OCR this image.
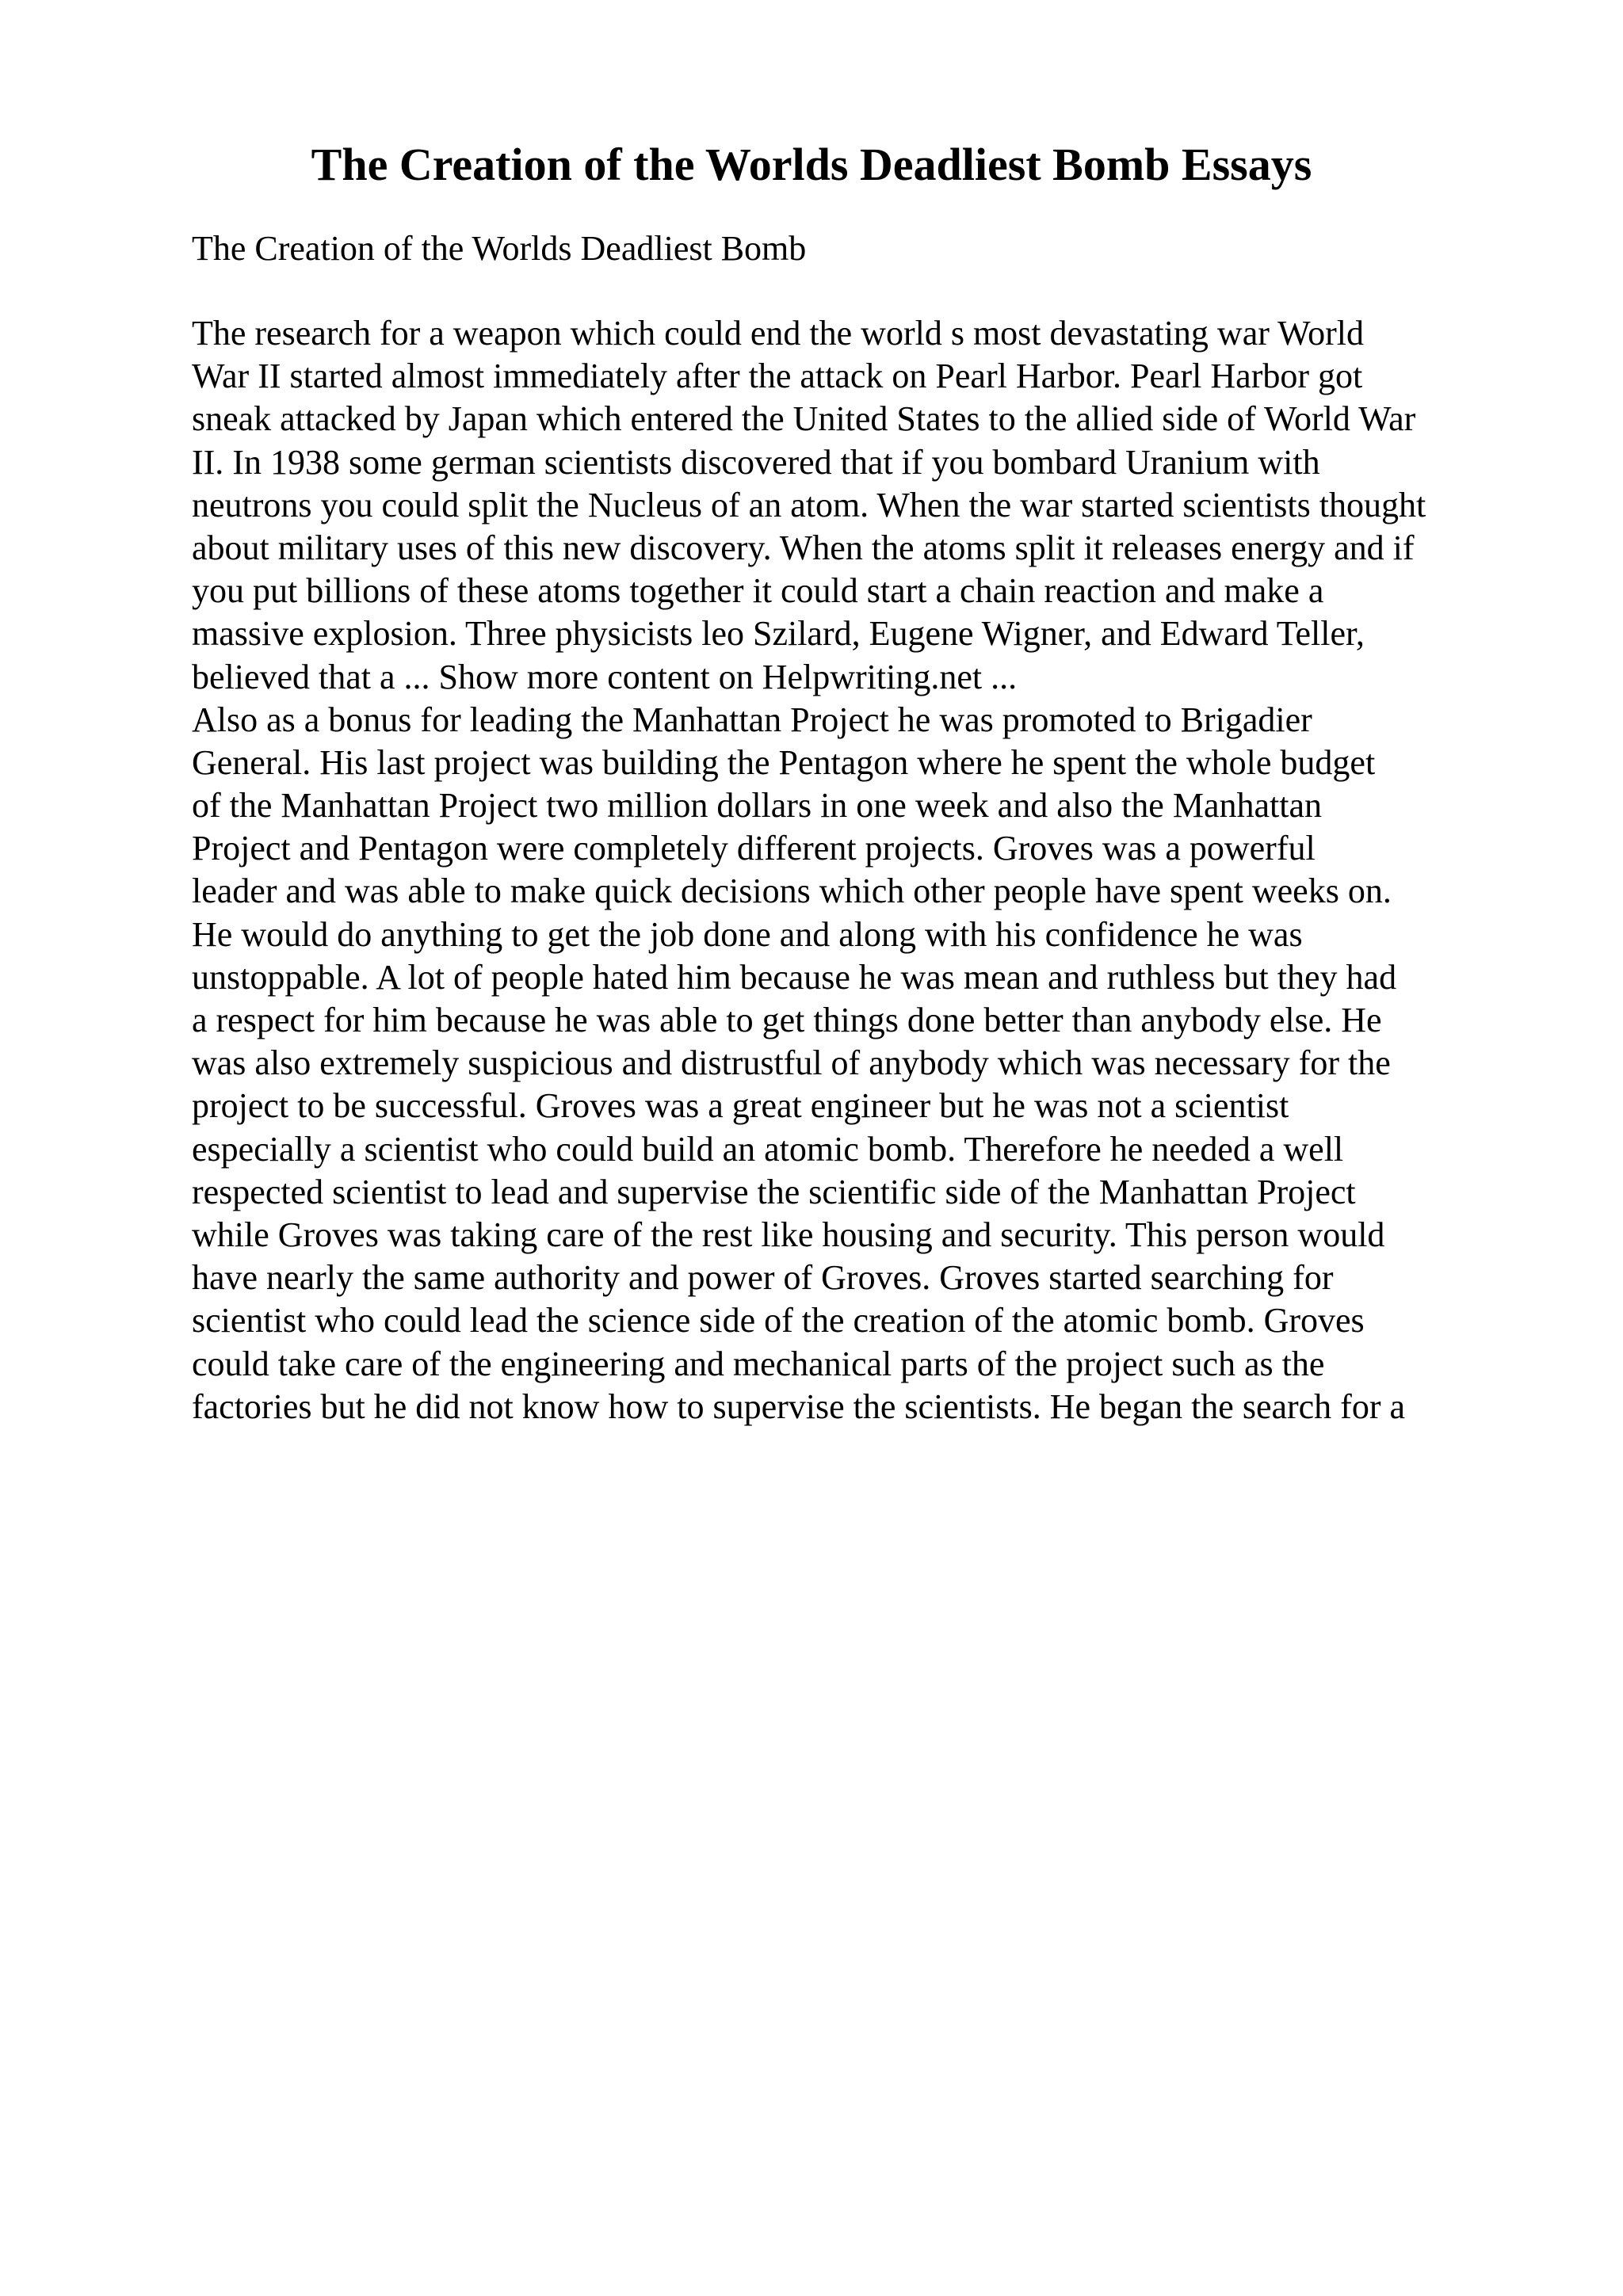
The Creation of the Worlds Deadliest Bomb Essays

The Creation of the Worlds Deadliest Bomb

The research for a weapon which could end the world s most devastating war World
War II started almost immediately after the attack on Pearl Harbor. Pearl Harbor got
sneak attacked by Japan which entered the United States to the allied side of World War
II. In 1938 some german scientists discovered that if you bombard Uranium with
neutrons you could split the Nucleus of an atom. When the war started scientists thought
about military uses of this new discovery. When the atoms split it releases energy and if
you put billions of these atoms together it could start a chain reaction and make a
massive explosion. Three physicists leo Szilard, Eugene Wigner, and Edward Teller,
believed that a ... Show more content on Helpwriting.net ...
Also as a bonus for leading the Manhattan Project he was promoted to Brigadier
General. His last project was building the Pentagon where he spent the whole budget
of the Manhattan Project two million dollars in one week and also the Manhattan
Project and Pentagon were completely different projects. Groves was a powerful
leader and was able to make quick decisions which other people have spent weeks on.
He would do anything to get the job done and along with his confidence he was
unstoppable. A lot of people hated him because he was mean and ruthless but they had
a respect for him because he was able to get things done better than anybody else. He
was also extremely suspicious and distrustful of anybody which was necessary for the
project to be successful. Groves was a great engineer but he was not a scientist
especially a scientist who could build an atomic bomb. Therefore he needed a well
respected scientist to lead and supervise the scientific side of the Manhattan Project
while Groves was taking care of the rest like housing and security. This person would
have nearly the same authority and power of Groves. Groves started searching for
scientist who could lead the science side of the creation of the atomic bomb. Groves
could take care of the engineering and mechanical parts of the project such as the
factories but he did not know how to supervise the scientists. He began the search for a
